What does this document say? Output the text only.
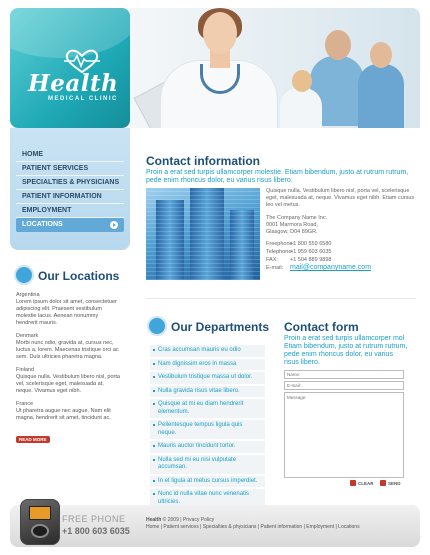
Health
MEDICAL CLINIC
HOME
PATIENT SERVICES
SPECIALTIES & PHYSICIANS
PATIENT INFORMATION
EMPLOYMENT
LOCATIONS
Contact information
Proin a erat sed turpis ullamcorper molestie. Etiam bibendum, justo at rutrum rutrum, pede enim rhoncus dolor, eu varius risus libero.
Quisque nulla. Vestibulum libero nisl, porta vel, scelerisque eget, malesuada at, neque. Vivamus eget nibh. Etiam cursus leo vel metus.
The Company Name Inc.
0001 Marmora Road,
Glasgow, D04 89GR.
Freephone:
+1 800 559 6580
Telephone:
+1 959 603 6035
FAX:	+1 504 889 9898
E-mail: mail@companyname.com
Our Locations
Argentina
Lorem ipsum dolor sit amet, consectetuer adipiscing elit. Praesent vestibulum molestie lacus. Aenean nonummy hendrerit mauris.
Denmark
Morbi nunc odio, gravida at, cursus nec, luctus a, lorem. Maecenas tristique orci ac sem. Duis ultricies pharetra magna.
Finland
Quisque nulla. Vestibulum libero nisl, porta vel, scelerisque eget, malesuada at, neque. Vivamus eget nibh.
France
Ut pharetra augue nec augue. Nam elit magna, hendrerit sit amet, tincidunt ac.
READ MORE
Our Departments
Cras accumsan mauris eu odio
Nam dignissim eros in massa
Vestibulum tristique massa ut dolor.
Nulla gravida risus vitae libero.
Quisque at mi eu diam hendrerit elementum.
Pellentesque tempus ligula quis neque.
Mauris auctor tincidunt tortor.
Nulla sed mi eu nisi vulputate accumsan.
In et ligula at metus cursus imperdiet.
Nunc id nulla vitae nunc venenatis ultricies.
Contact form
Proin a erat sed turpis ullamcorper mol Etiam bibendum, justo at rutrum rutrum, pede enim rhoncus dolor, eu varius risus libero.
Name:
E-mail:
Message:
CLEAR	SEND
FREE PHONE
+1 800 603 6035
Health © 2009 | Privacy Policy
Home | Patient services | Specialties & physicians | Patient information | Employment | Locations
